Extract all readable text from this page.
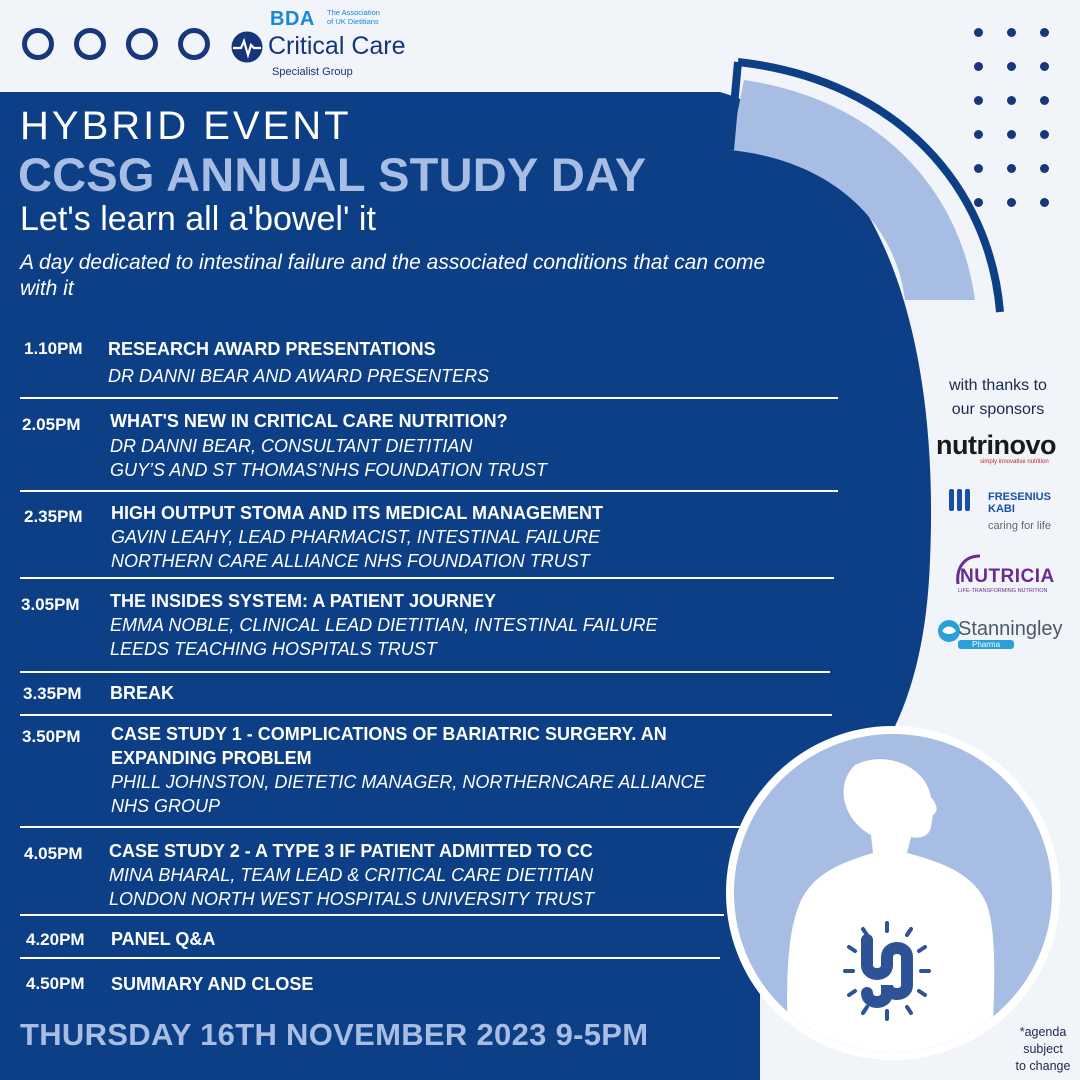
BDA The Association of UK Dietitians
Critical Care
Specialist Group
HYBRID EVENT
CCSG ANNUAL STUDY DAY
Let's learn all a'bowel' it
A day dedicated to intestinal failure and the associated conditions that can come with it
1.10PM RESEARCH AWARD PRESENTATIONS
DR DANNI BEAR AND AWARD PRESENTERS
2.05PM WHAT'S NEW IN CRITICAL CARE NUTRITION?
DR DANNI BEAR, CONSULTANT DIETITIAN
GUY’S AND ST THOMAS’NHS FOUNDATION TRUST
2.35PM HIGH OUTPUT STOMA AND ITS MEDICAL MANAGEMENT
GAVIN LEAHY, LEAD PHARMACIST, INTESTINAL FAILURE
NORTHERN CARE ALLIANCE NHS FOUNDATION TRUST
3.05PM THE INSIDES SYSTEM: A PATIENT JOURNEY
EMMA NOBLE, CLINICAL LEAD DIETITIAN, INTESTINAL FAILURE
LEEDS TEACHING HOSPITALS TRUST
3.35PM BREAK
3.50PM CASE STUDY 1 - COMPLICATIONS OF BARIATRIC SURGERY. AN
EXPANDING PROBLEM
PHILL JOHNSTON, DIETETIC MANAGER, NORTHERNCARE ALLIANCE
NHS GROUP
4.05PM CASE STUDY 2 - A TYPE 3 IF PATIENT ADMITTED TO CC
MINA BHARAL, TEAM LEAD & CRITICAL CARE DIETITIAN
LONDON NORTH WEST HOSPITALS UNIVERSITY TRUST
4.20PM PANEL Q&A
4.50PM SUMMARY AND CLOSE
THURSDAY 16TH NOVEMBER 2023 9-5PM
with thanks to
our sponsors
nutrinovo
simply innovative nutrition
FRESENIUS
KABI
caring for life
NUTRICIA
LIFE-TRANSFORMING NUTRITION
Stanningley
Pharma
*agenda
subject
to change
